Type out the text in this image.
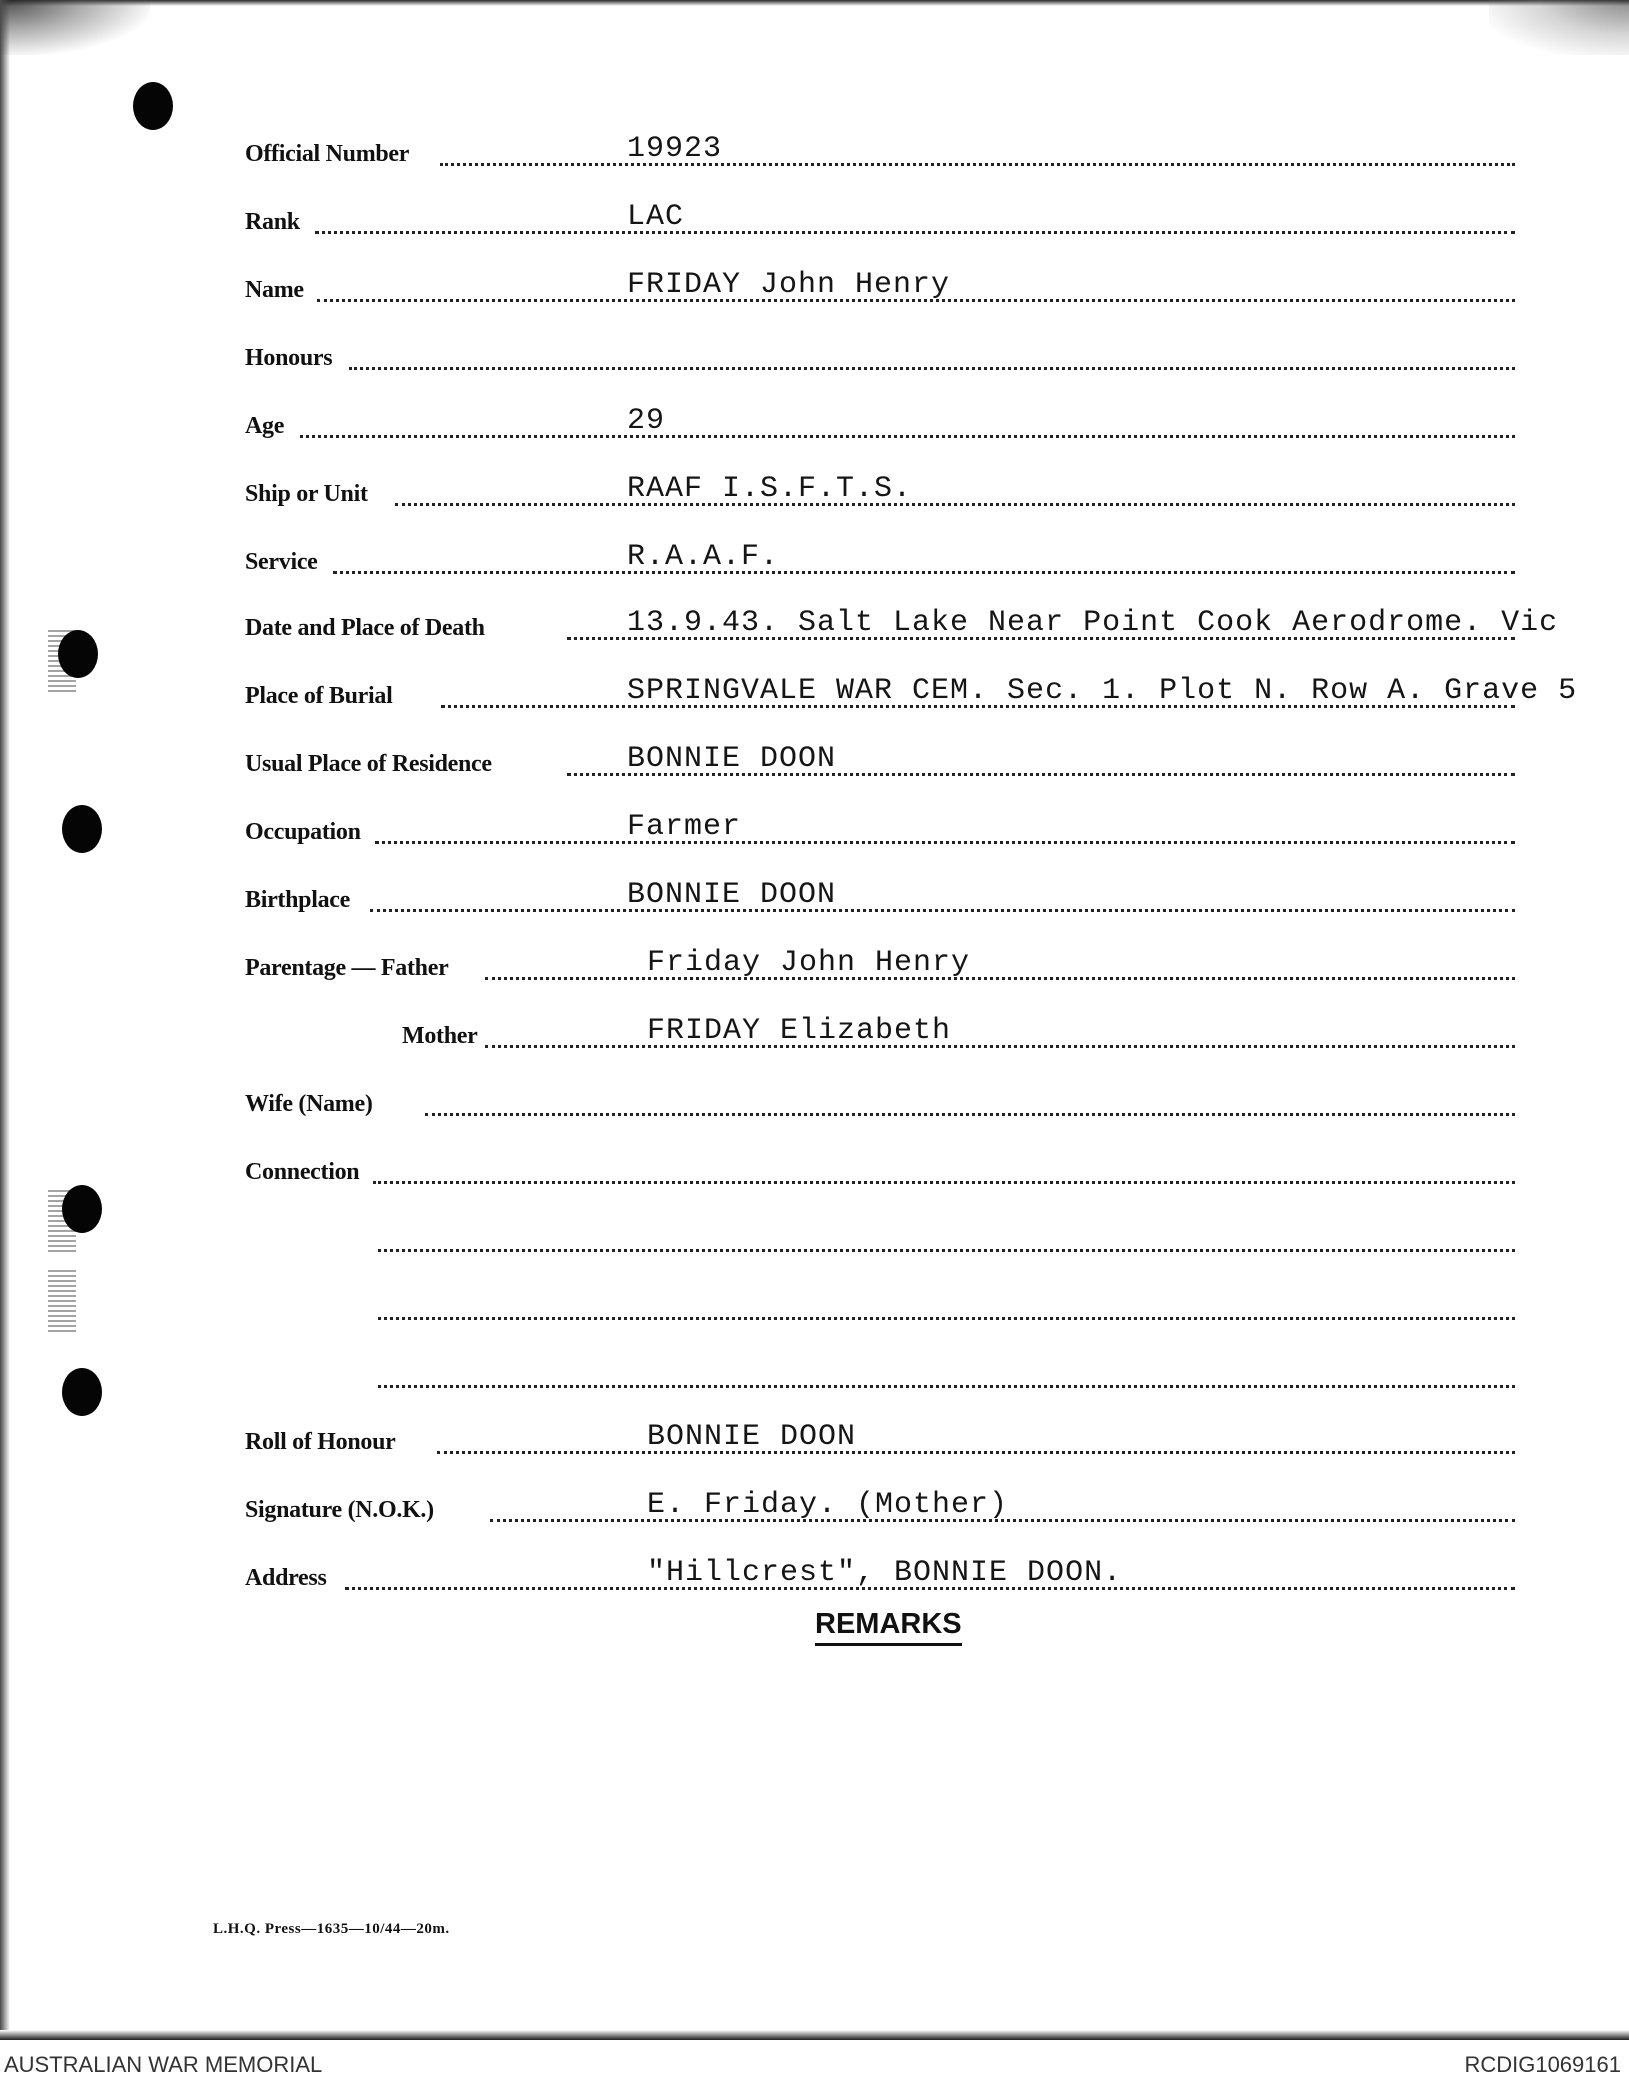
Official Number	19923
Rank	LAC
Name	FRIDAY John Henry
Honours
Age	29
Ship or Unit	RAAF I.S.F.T.S.
Service	R.A.A.F.
Date and Place of Death	13.9.43. Salt Lake Near Point Cook Aerodrome. Vic
Place of Burial	SPRINGVALE WAR CEM. Sec. 1. Plot N. Row A. Grave 5
Usual Place of Residence	BONNIE DOON
Occupation	Farmer
Birthplace	BONNIE DOON
Parentage — Father	Friday John Henry
Mother	FRIDAY Elizabeth
Wife (Name)
Connection
Roll of Honour	BONNIE DOON
Signature (N.O.K.)	E. Friday. (Mother)
Address	"Hillcrest", BONNIE DOON.
REMARKS
L.H.Q. Press—1635—10/44—20m.
AUSTRALIAN WAR MEMORIAL	RCDIG1069161
